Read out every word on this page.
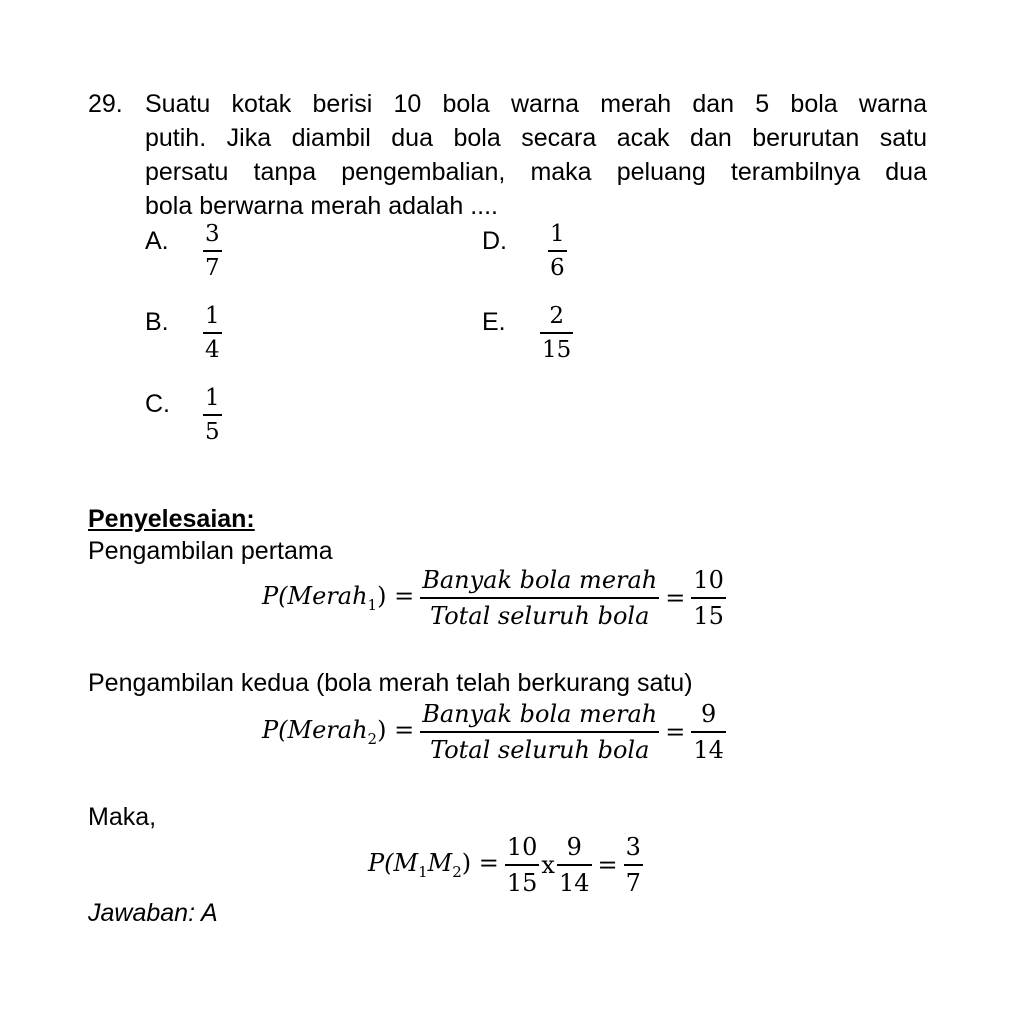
29. Suatu kotak berisi 10 bola warna merah dan 5 bola warna
putih. Jika diambil dua bola secara acak dan berurutan satu
persatu tanpa pengembalian, maka peluang terambilnya dua
bola berwarna merah adalah ....
A. 3
7
B. 1
4
C. 1
5
D. 1
6
E. 2
15
Penyelesaian:
Pengambilan pertama
P(Merah$_1$) = $\frac{\text{Banyak bola merah}}{\text{Total seluruh bola}} = \frac{10}{15}$
Pengambilan kedua (bola merah telah berkurang satu)
P(Merah$_2$) = $\frac{\text{Banyak bola merah}}{\text{Total seluruh bola}} = \frac{9}{14}$
Maka,
$P(M_1M_2) = \frac{10}{15}$ x $\frac{9}{14} = \frac{3}{7}$
Jawaban: A
